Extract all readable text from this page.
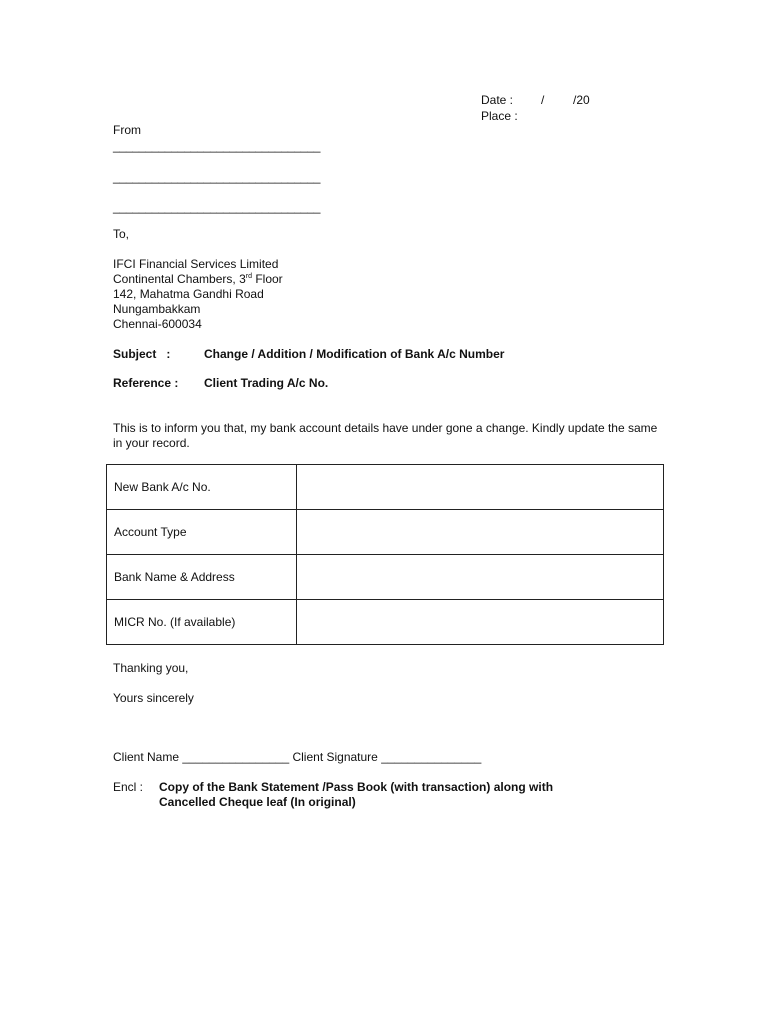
Date : / /20
Place :
From
________________________________
________________________________
________________________________
To,
IFCI Financial Services Limited
Continental Chambers, 3rd Floor
142, Mahatma Gandhi Road
Nungambakkam
Chennai-600034
Subject   :	Change / Addition / Modification of Bank A/c Number
Reference : Client Trading A/c No.
This is to inform you that, my bank account details have under gone a change. Kindly update the same in your record.
New Bank A/c No.	
Account Type	
Bank Name & Address	
MICR No. (If available)	
Thanking you,
Yours sincerely
Client Name ________________ Client Signature _______________
Encl : Copy of the Bank Statement /Pass Book (with transaction) along with Cancelled Cheque leaf (In original)
